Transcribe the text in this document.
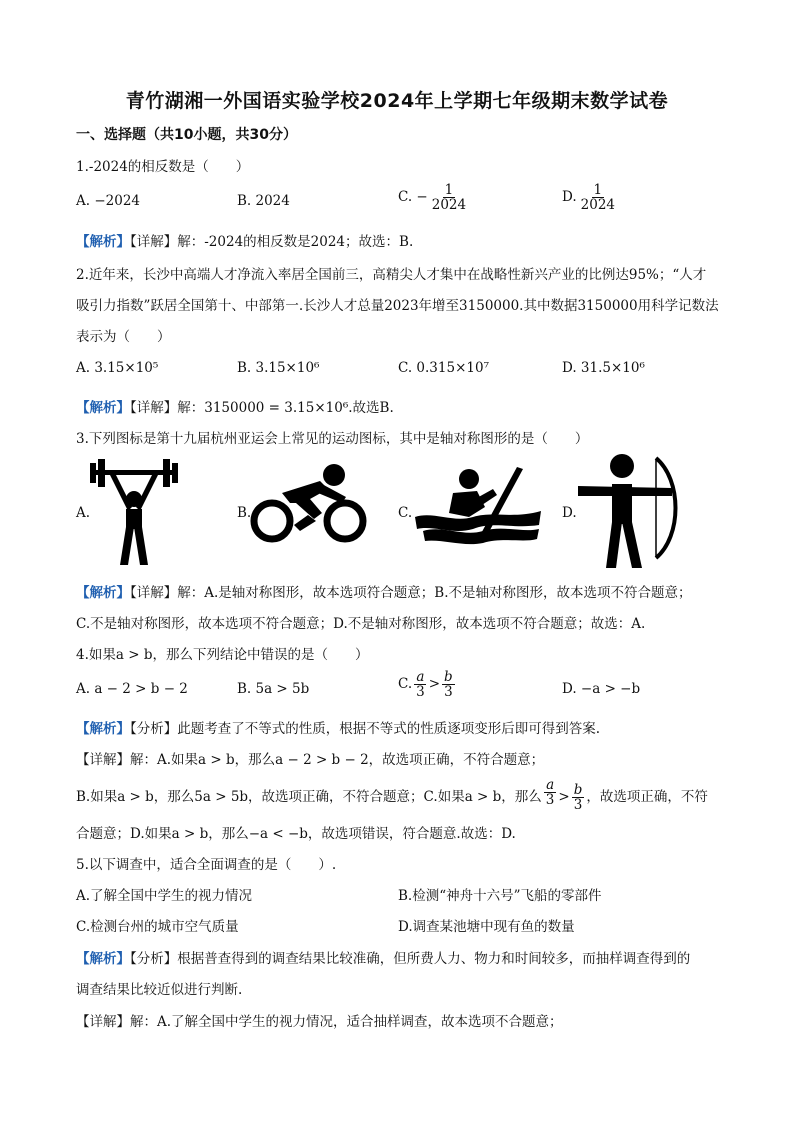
青竹湖湘一外国语实验学校2024年上学期七年级期末数学试卷
一、选择题（共10小题，共30分）
1.-2024的相反数是（　　）
A. −2024	B. 2024	C. − $\frac{1}{2024}$	D. $\frac{1}{2024}$
【解析】【详解】解：-2024的相反数是2024；故选：B.
2.近年来，长沙中高端人才净流入率居全国前三，高精尖人才集中在战略性新兴产业的比例达95%；“人才
吸引力指数”跃居全国第十、中部第一.长沙人才总量2023年增至3150000.其中数据3150000用科学记数法
表示为（　　）
A. 3.15×10⁵	B. 3.15×10⁶	C. 0.315×10⁷	D. 31.5×10⁶
【解析】【详解】解：3150000 = 3.15×10⁶.故选B.
3.下列图标是第十九届杭州亚运会上常见的运动图标，其中是轴对称图形的是（　　）
A.	B.	C.	D.
【解析】【详解】解：A.是轴对称图形，故本选项符合题意；B.不是轴对称图形，故本选项不符合题意；
C.不是轴对称图形，故本选项不符合题意；D.不是轴对称图形，故本选项不符合题意；故选：A.
4.如果a > b，那么下列结论中错误的是（　　）
A. a − 2 > b − 2	B. 5a > 5b	C. $\frac{a}{3} > \frac{b}{3}$	D. −a > −b
【解析】【分析】此题考查了不等式的性质，根据不等式的性质逐项变形后即可得到答案.
【详解】解：A.如果a > b，那么a − 2 > b − 2，故选项正确，不符合题意；
B.如果a > b，那么5a > 5b，故选项正确，不符合题意；C.如果a > b，那么 $\frac{a}{3} > \frac{b}{3}$ ，故选项正确，不符
合题意；D.如果a > b，那么−a < −b，故选项错误，符合题意.故选：D.
5.以下调查中，适合全面调查的是（　　）.
A.了解全国中学生的视力情况	B.检测“神舟十六号”飞船的零部件
C.检测台州的城市空气质量	D.调查某池塘中现有鱼的数量
【解析】【分析】根据普查得到的调查结果比较准确，但所费人力、物力和时间较多，而抽样调查得到的
调查结果比较近似进行判断.
【详解】解：A.了解全国中学生的视力情况，适合抽样调查，故本选项不合题意；
